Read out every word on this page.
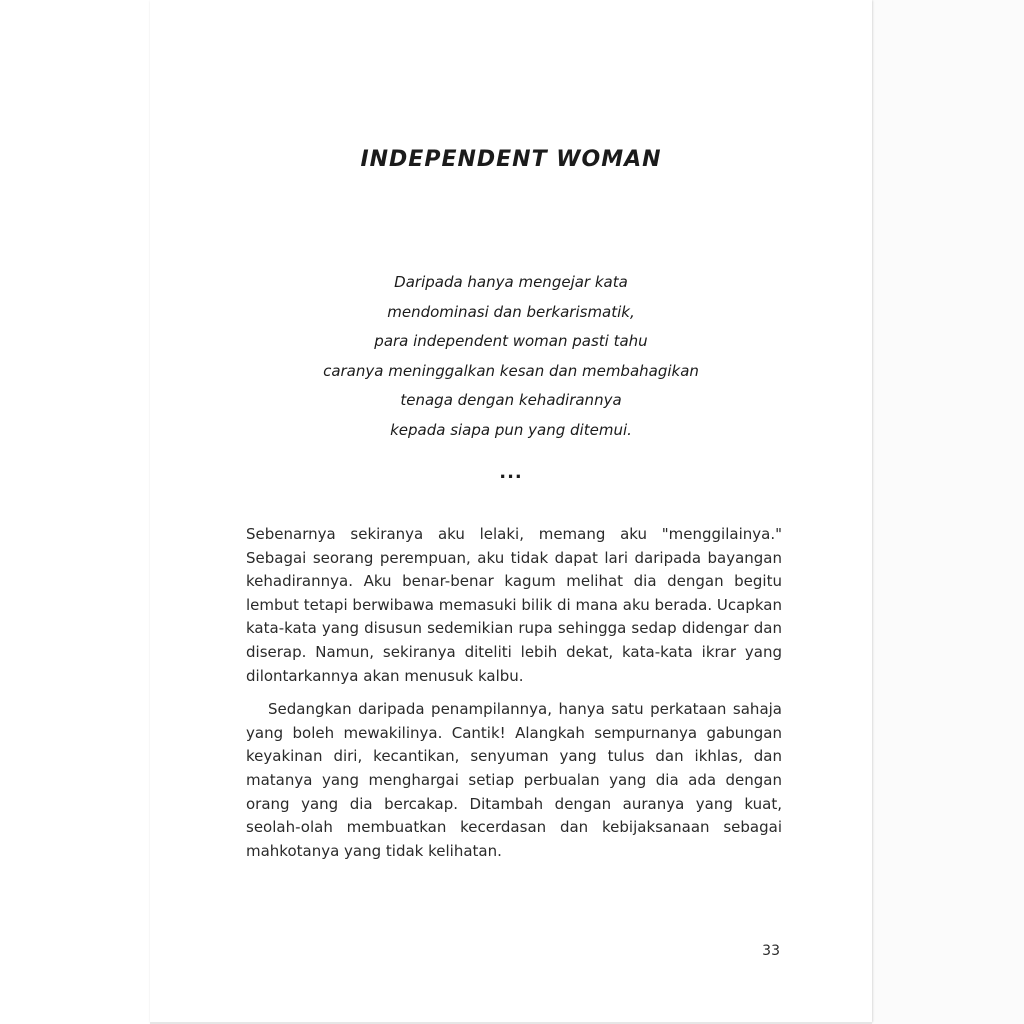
INDEPENDENT WOMAN
Daripada hanya mengejar kata
mendominasi dan berkarismatik,
para independent woman pasti tahu
caranya meninggalkan kesan dan membahagikan
tenaga dengan kehadirannya
kepada siapa pun yang ditemui.
...

Sebenarnya sekiranya aku lelaki, memang aku "menggilainya." Sebagai seorang perempuan, aku tidak dapat lari daripada bayangan kehadirannya. Aku benar-benar kagum melihat dia dengan begitu lembut tetapi berwibawa memasuki bilik di mana aku berada. Ucapkan kata-kata yang disusun sedemikian rupa sehingga sedap didengar dan diserap. Namun, sekiranya diteliti lebih dekat, kata-kata ikrar yang dilontarkannya akan menusuk kalbu.

Sedangkan daripada penampilannya, hanya satu perkataan sahaja yang boleh mewakilinya. Cantik! Alangkah sempurnanya gabungan keyakinan diri, kecantikan, senyuman yang tulus dan ikhlas, dan matanya yang menghargai setiap perbualan yang dia ada dengan orang yang dia bercakap. Ditambah dengan auranya yang kuat, seolah-olah membuatkan kecerdasan dan kebijaksanaan sebagai mahkotanya yang tidak kelihatan.

33
